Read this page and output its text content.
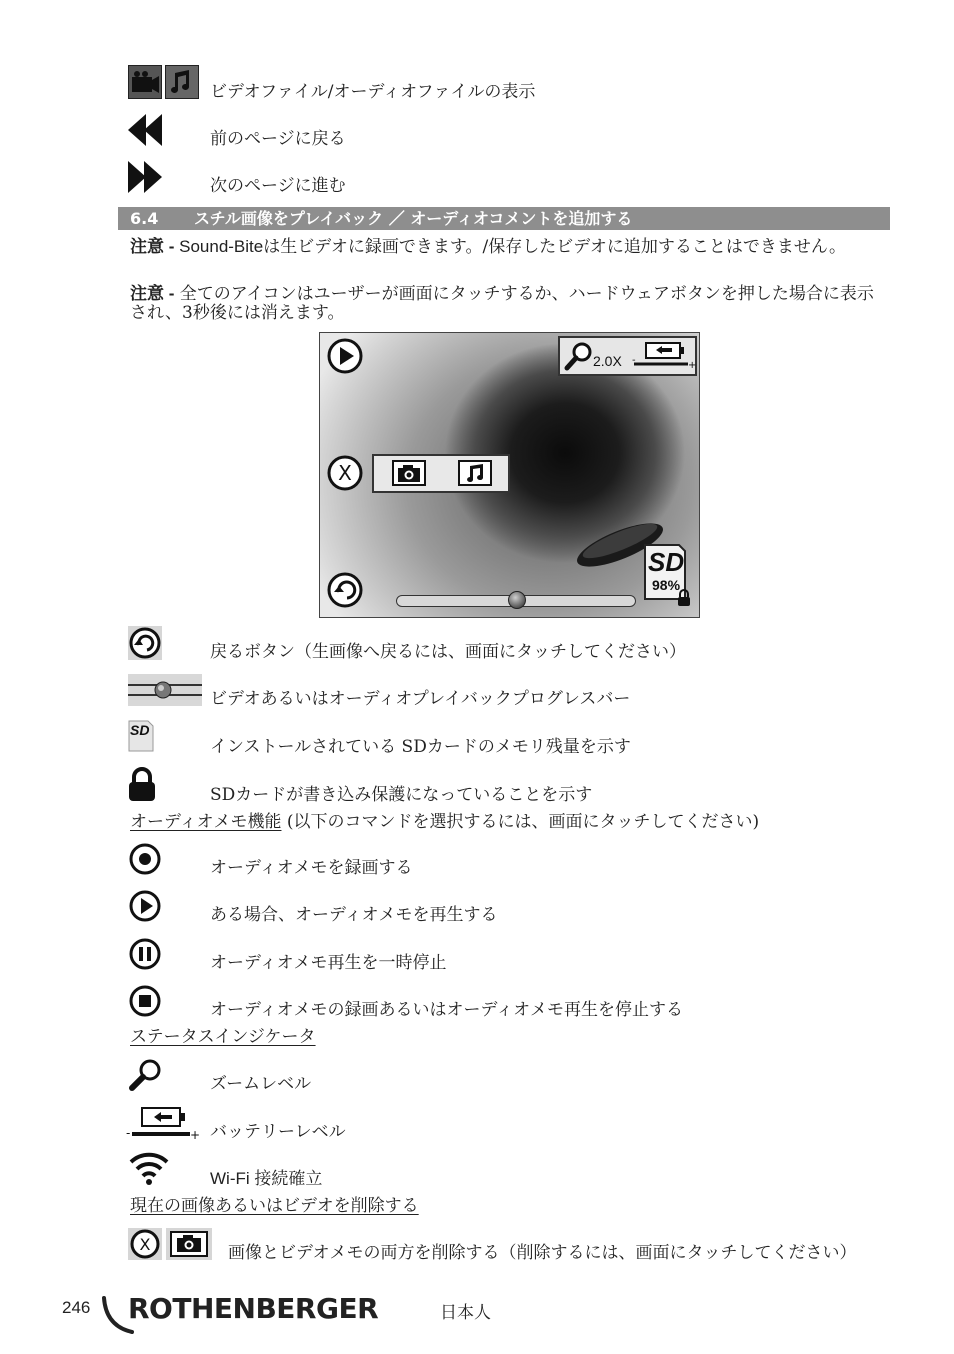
ビデオファイル/オーディオファイルの表示
前のページに戻る
次のページに進む
6.4 スチル画像をプレイバック ／ オーディオコメントを追加する
注意 - Sound-Biteは生ビデオに録画できます。/保存したビデオに追加することはできません。
注意 - 全てのアイコンはユーザーが画面にタッチするか、ハードウェアボタンを押した場合に表示され、3秒後には消えます。
2.0X -	+
X
SD
98%
戻るボタン（生画像へ戻るには、画面にタッチしてください）
ビデオあるいはオーディオプレイバックプログレスバー
SD
インストールされている SDカードのメモリ残量を示す
SDカードが書き込み保護になっていることを示す
オーディオメモ機能 (以下のコマンドを選択するには、画面にタッチしてください)
オーディオメモを録画する
ある場合、オーディオメモを再生する
オーディオメモ再生を一時停止
オーディオメモの録画あるいはオーディオメモ再生を停止する
ステータスインジケータ
ズームレベル
-	+ バッテリーレベル
Wi-Fi 接続確立
現在の画像あるいはビデオを削除する
X	画像とビデオメモの両方を削除する（削除するには、画面にタッチしてください）
246 ROTHENBERGER	日本人
